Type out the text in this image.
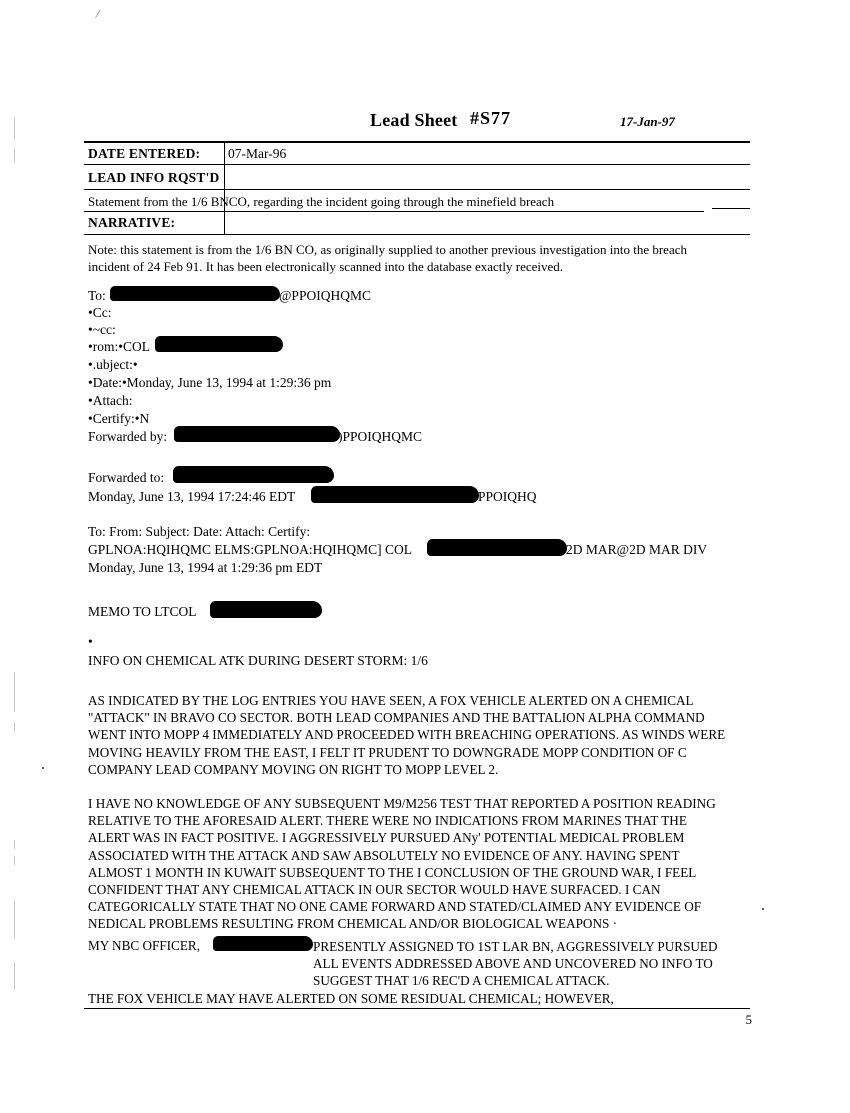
/
Lead Sheet #S77	17-Jan-97
DATE ENTERED: 07-Mar-96
LEAD INFO RQST'D
Statement from the 1/6 BNCO, regarding the incident going through the minefield breach
NARRATIVE:
Note: this statement is from the 1/6 BN CO, as originally supplied to another previous investigation into the breach incident of 24 Feb 91. It has been electronically scanned into the database exactly received.
To:	@PPOIQHQMC
•Cc:
•~cc:
•rom:•COL
•.ubject:•
•Date:•Monday, June 13, 1994 at 1:29:36 pm
•Attach:
•Certify:•N
Forwarded by:	)PPOIQHQMC
Forwarded to:
Monday, June 13, 1994 17:24:46 EDT	PPOIQHQ
To: From: Subject: Date: Attach: Certify:
GPLNOA:HQIHQMC ELMS:GPLNOA:HQIHQMC] COL	2D MAR@2D MAR DIV
Monday, June 13, 1994 at 1:29:36 pm EDT
MEMO TO LTCOL
•
INFO ON CHEMICAL ATK DURING DESERT STORM: 1/6
AS INDICATED BY THE LOG ENTRIES YOU HAVE SEEN, A FOX VEHICLE ALERTED ON A CHEMICAL "ATTACK" IN BRAVO CO SECTOR. BOTH LEAD COMPANIES AND THE BATTALION ALPHA COMMAND WENT INTO MOPP 4 IMMEDIATELY AND PROCEEDED WITH BREACHING OPERATIONS. AS WINDS WERE MOVING HEAVILY FROM THE EAST, I FELT IT PRUDENT TO DOWNGRADE MOPP CONDITION OF C COMPANY LEAD COMPANY MOVING ON RIGHT TO MOPP LEVEL 2.
I HAVE NO KNOWLEDGE OF ANY SUBSEQUENT M9/M256 TEST THAT REPORTED A POSITION READING RELATIVE TO THE AFORESAID ALERT. THERE WERE NO INDICATIONS FROM MARINES THAT THE ALERT WAS IN FACT POSITIVE. I AGGRESSIVELY PURSUED ANy' POTENTIAL MEDICAL PROBLEM ASSOCIATED WITH THE ATTACK AND SAW ABSOLUTELY NO EVIDENCE OF ANY. HAVING SPENT ALMOST 1 MONTH IN KUWAIT SUBSEQUENT TO THE I CONCLUSION OF THE GROUND WAR, I FEEL CONFIDENT THAT ANY CHEMICAL ATTACK IN OUR SECTOR WOULD HAVE SURFACED. I CAN CATEGORICALLY STATE THAT NO ONE CAME FORWARD AND STATED/CLAIMED ANY EVIDENCE OF NEDICAL PROBLEMS RESULTING FROM CHEMICAL AND/OR BIOLOGICAL WEAPONS ·
MY NBC OFFICER,	PRESENTLY ASSIGNED TO 1ST LAR BN, AGGRESSIVELY PURSUED ALL EVENTS ADDRESSED ABOVE AND UNCOVERED NO INFO TO SUGGEST THAT 1/6 REC'D A CHEMICAL ATTACK.
THE FOX VEHICLE MAY HAVE ALERTED ON SOME RESIDUAL CHEMICAL; HOWEVER,
5
